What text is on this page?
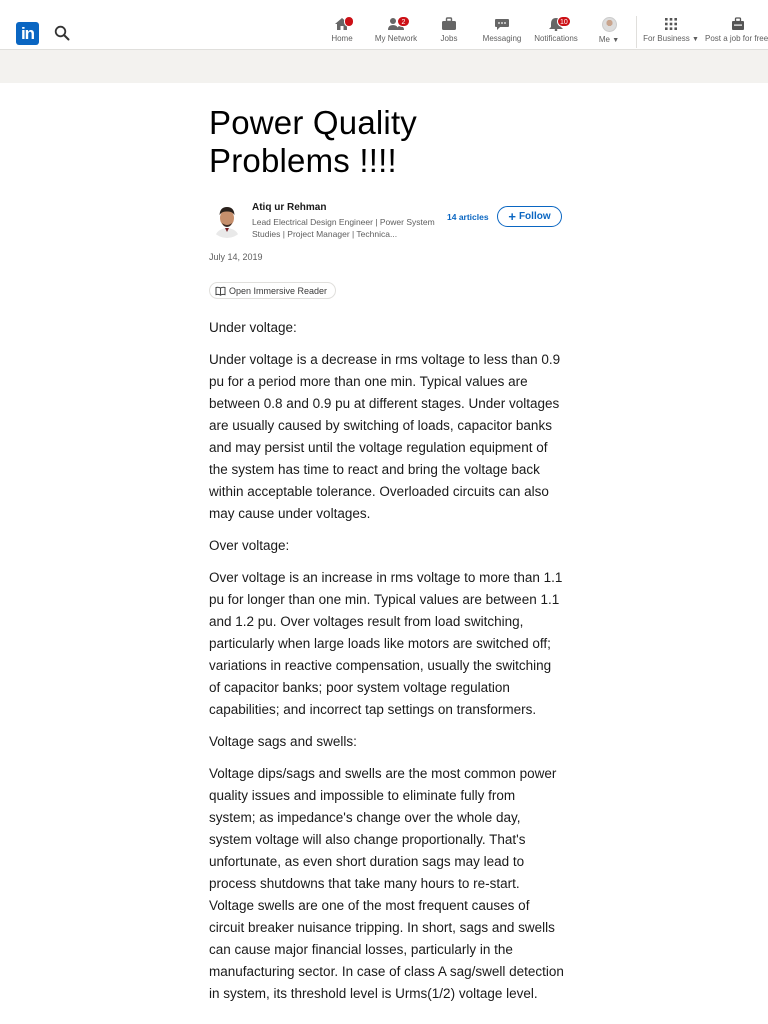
in	Home
2
My Network	Jobs	Messaging
10
Notifications	Me ▼	For Business ▼ Post a job for free
Power Quality Problems !!!!
Atiq ur Rehman
Lead Electrical Design Engineer | Power System Studies | Project Manager | Technica...
14 articles + Follow
July 14, 2019
Open Immersive Reader

Under voltage:

Under voltage is a decrease in rms voltage to less than 0.9 pu for a period more than one min. Typical values are between 0.8 and 0.9 pu at different stages. Under voltages are usually caused by switching of loads, capacitor banks and may persist until the voltage regulation equipment of the system has time to react and bring the voltage back within acceptable tolerance. Overloaded circuits can also may cause under voltages.

Over voltage:

Over voltage is an increase in rms voltage to more than 1.1 pu for longer than one min. Typical values are between 1.1 and 1.2 pu. Over voltages result from load switching, particularly when large loads like motors are switched off; variations in reactive compensation, usually the switching of capacitor banks; poor system voltage regulation capabilities; and incorrect tap settings on transformers.

Voltage sags and swells:

Voltage dips/sags and swells are the most common power quality issues and impossible to eliminate fully from system; as impedance's change over the whole day, system voltage will also change proportionally. That's unfortunate, as even short duration sags may lead to process shutdowns that take many hours to re-start. Voltage swells are one of the most frequent causes of circuit breaker nuisance tripping. In short, sags and swells can cause major financial losses, particularly in the manufacturing sector. In case of class A sag/swell detection in system, its threshold level is Urms(1/2) voltage level.
